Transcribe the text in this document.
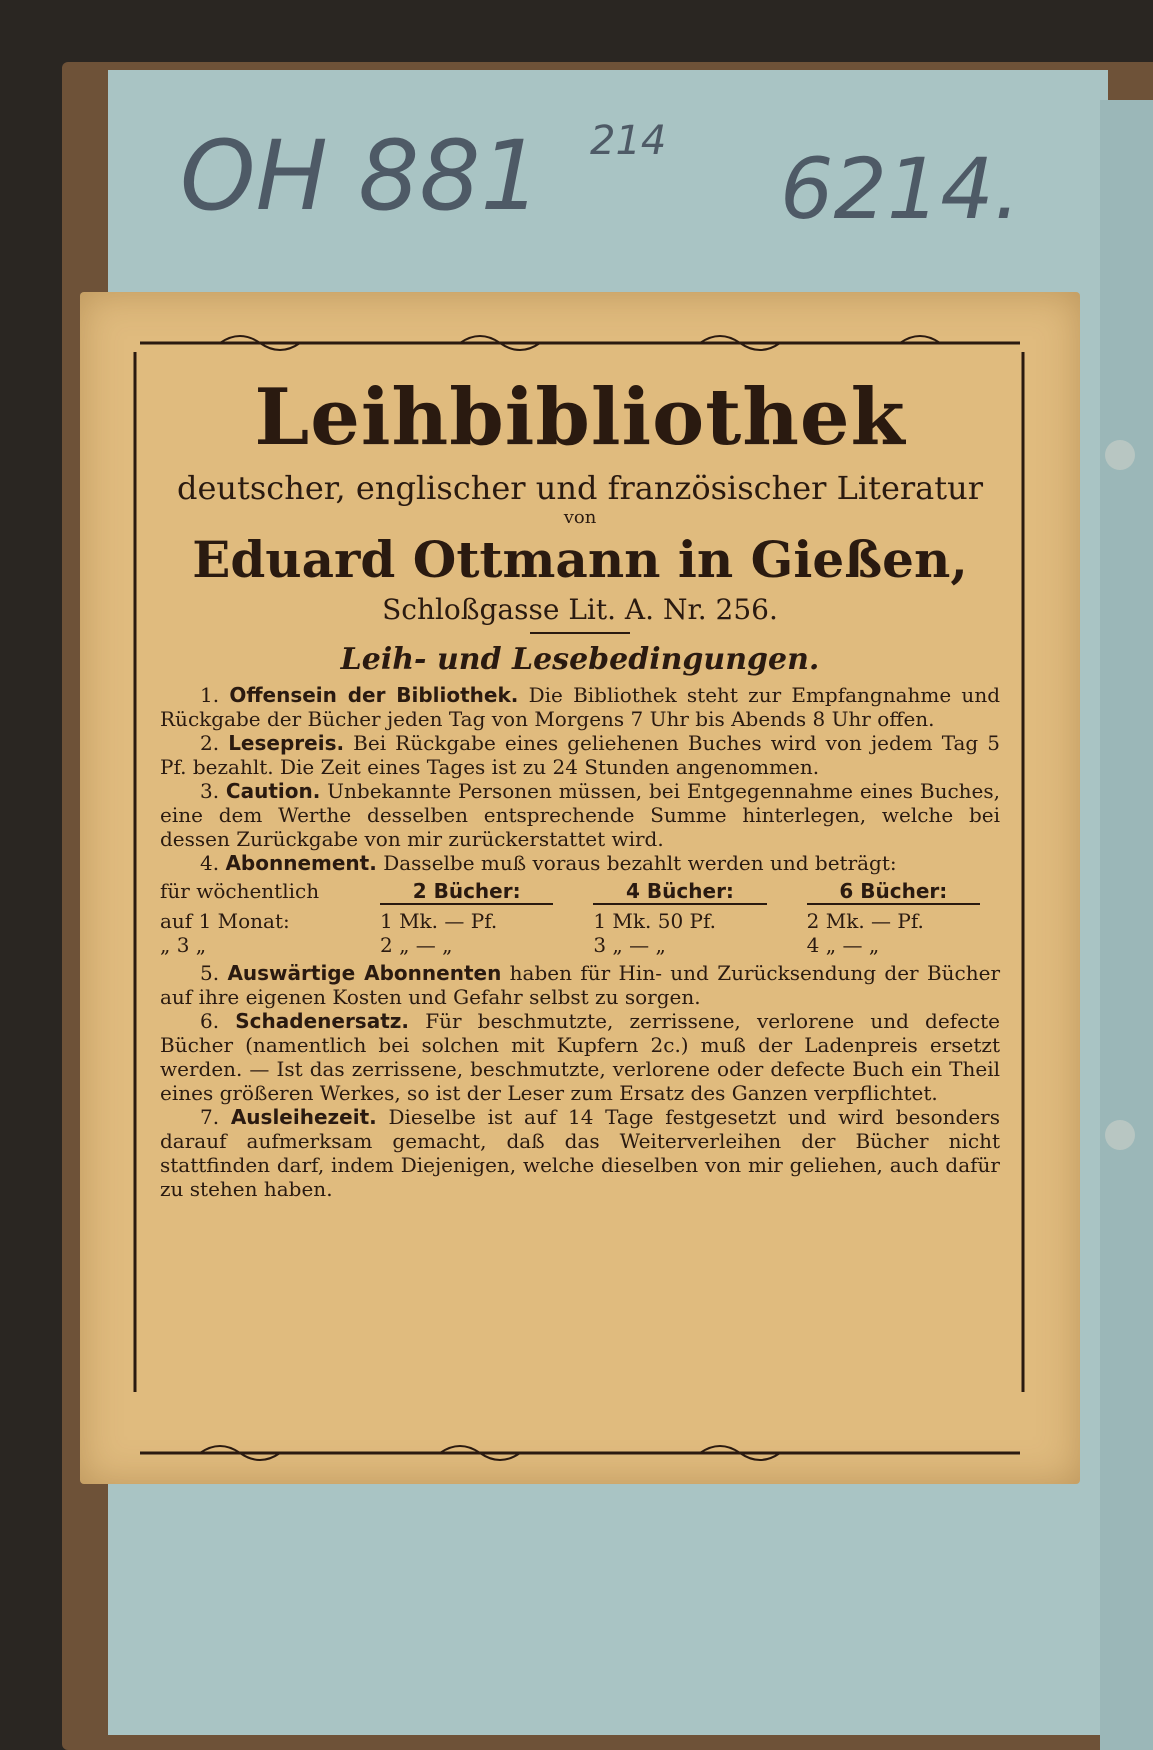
OH 881 214 6214.
Leihbibliothek
deutscher, englischer und französischer Literatur
von
Eduard Ottmann in Gießen,
Schloßgasse Lit. A. Nr. 256.
Leih- und Lesebedingungen.

1. Offensein der Bibliothek. Die Bibliothek steht zur Empfangnahme und Rückgabe der Bücher jeden Tag von Morgens 7 Uhr bis Abends 8 Uhr offen.

2. Lesepreis. Bei Rückgabe eines geliehenen Buches wird von jedem Tag 5 Pf. bezahlt. Die Zeit eines Tages ist zu 24 Stunden angenommen.

3. Caution. Unbekannte Personen müssen, bei Entgegennahme eines Buches, eine dem Werthe desselben entsprechende Summe hinterlegen, welche bei dessen Zurückgabe von mir zurückerstattet wird.

4. Abonnement. Dasselbe muß voraus bezahlt werden und beträgt:

für wöchentlich	2 Bücher:	4 Bücher:	6 Bücher:
auf 1 Monat:	1 Mk. — Pf.	1 Mk. 50 Pf.	2 Mk. — Pf.
„ 3 „	2 „ — „	3 „ — „	4 „ — „

5. Auswärtige Abonnenten haben für Hin- und Zurücksendung der Bücher auf ihre eigenen Kosten und Gefahr selbst zu sorgen.

6. Schadenersatz. Für beschmutzte, zerrissene, verlorene und defecte Bücher (namentlich bei solchen mit Kupfern 2c.) muß der Ladenpreis ersetzt werden. — Ist das zerrissene, beschmutzte, verlorene oder defecte Buch ein Theil eines größeren Werkes, so ist der Leser zum Ersatz des Ganzen verpflichtet.

7. Ausleihezeit. Dieselbe ist auf 14 Tage festgesetzt und wird besonders darauf aufmerksam gemacht, daß das Weiterverleihen der Bücher nicht stattfinden darf, indem Diejenigen, welche dieselben von mir geliehen, auch dafür zu stehen haben.
